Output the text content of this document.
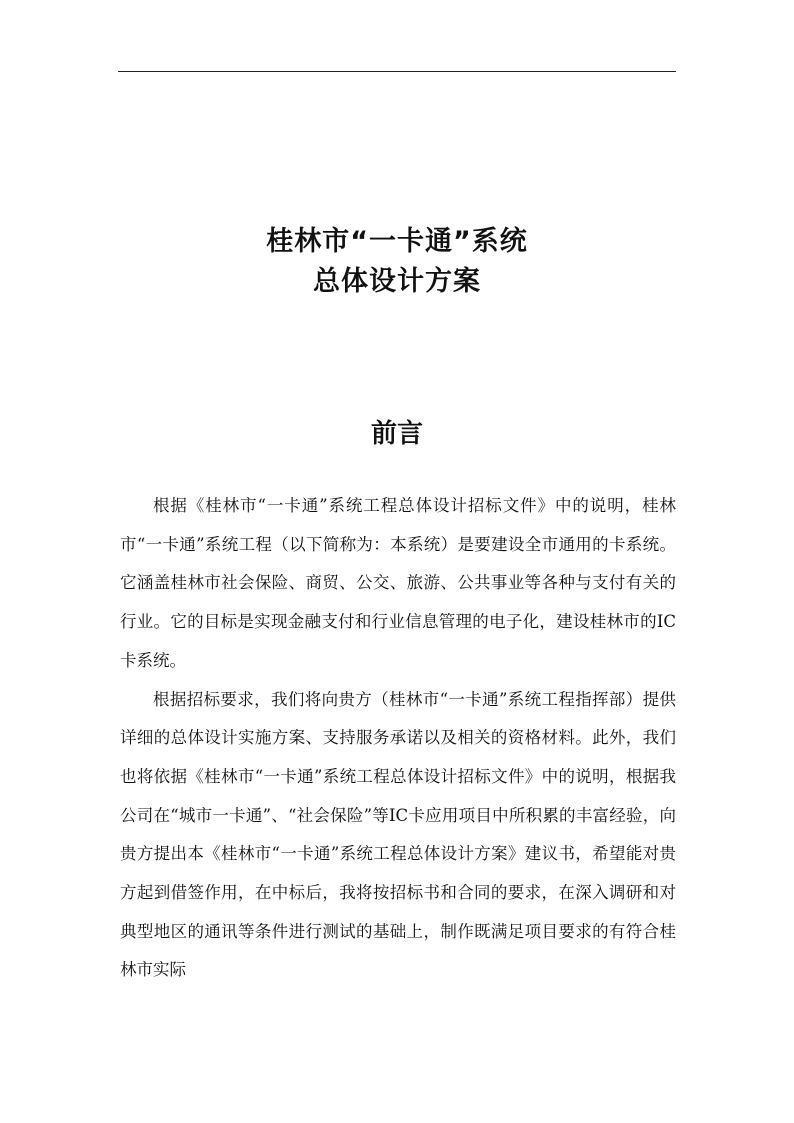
桂林市“一卡通”系统
总体设计方案
前言

根据《桂林市“一卡通”系统工程总体设计招标文件》中的说明，桂林市“一卡通”系统工程（以下简称为：本系统）是要建设全市通用的卡系统。它涵盖桂林市社会保险、商贸、公交、旅游、公共事业等各种与支付有关的行业。它的目标是实现金融支付和行业信息管理的电子化，建设桂林市的IC卡系统。

根据招标要求，我们将向贵方（桂林市“一卡通”系统工程指挥部）提供详细的总体设计实施方案、支持服务承诺以及相关的资格材料。此外，我们也将依据《桂林市“一卡通”系统工程总体设计招标文件》中的说明，根据我公司在“城市一卡通”、“社会保险”等IC卡应用项目中所积累的丰富经验，向贵方提出本《桂林市“一卡通”系统工程总体设计方案》建议书，希望能对贵方起到借签作用，在中标后，我将按招标书和合同的要求，在深入调研和对典型地区的通讯等条件进行测试的基础上，制作既满足项目要求的有符合桂林市实际
